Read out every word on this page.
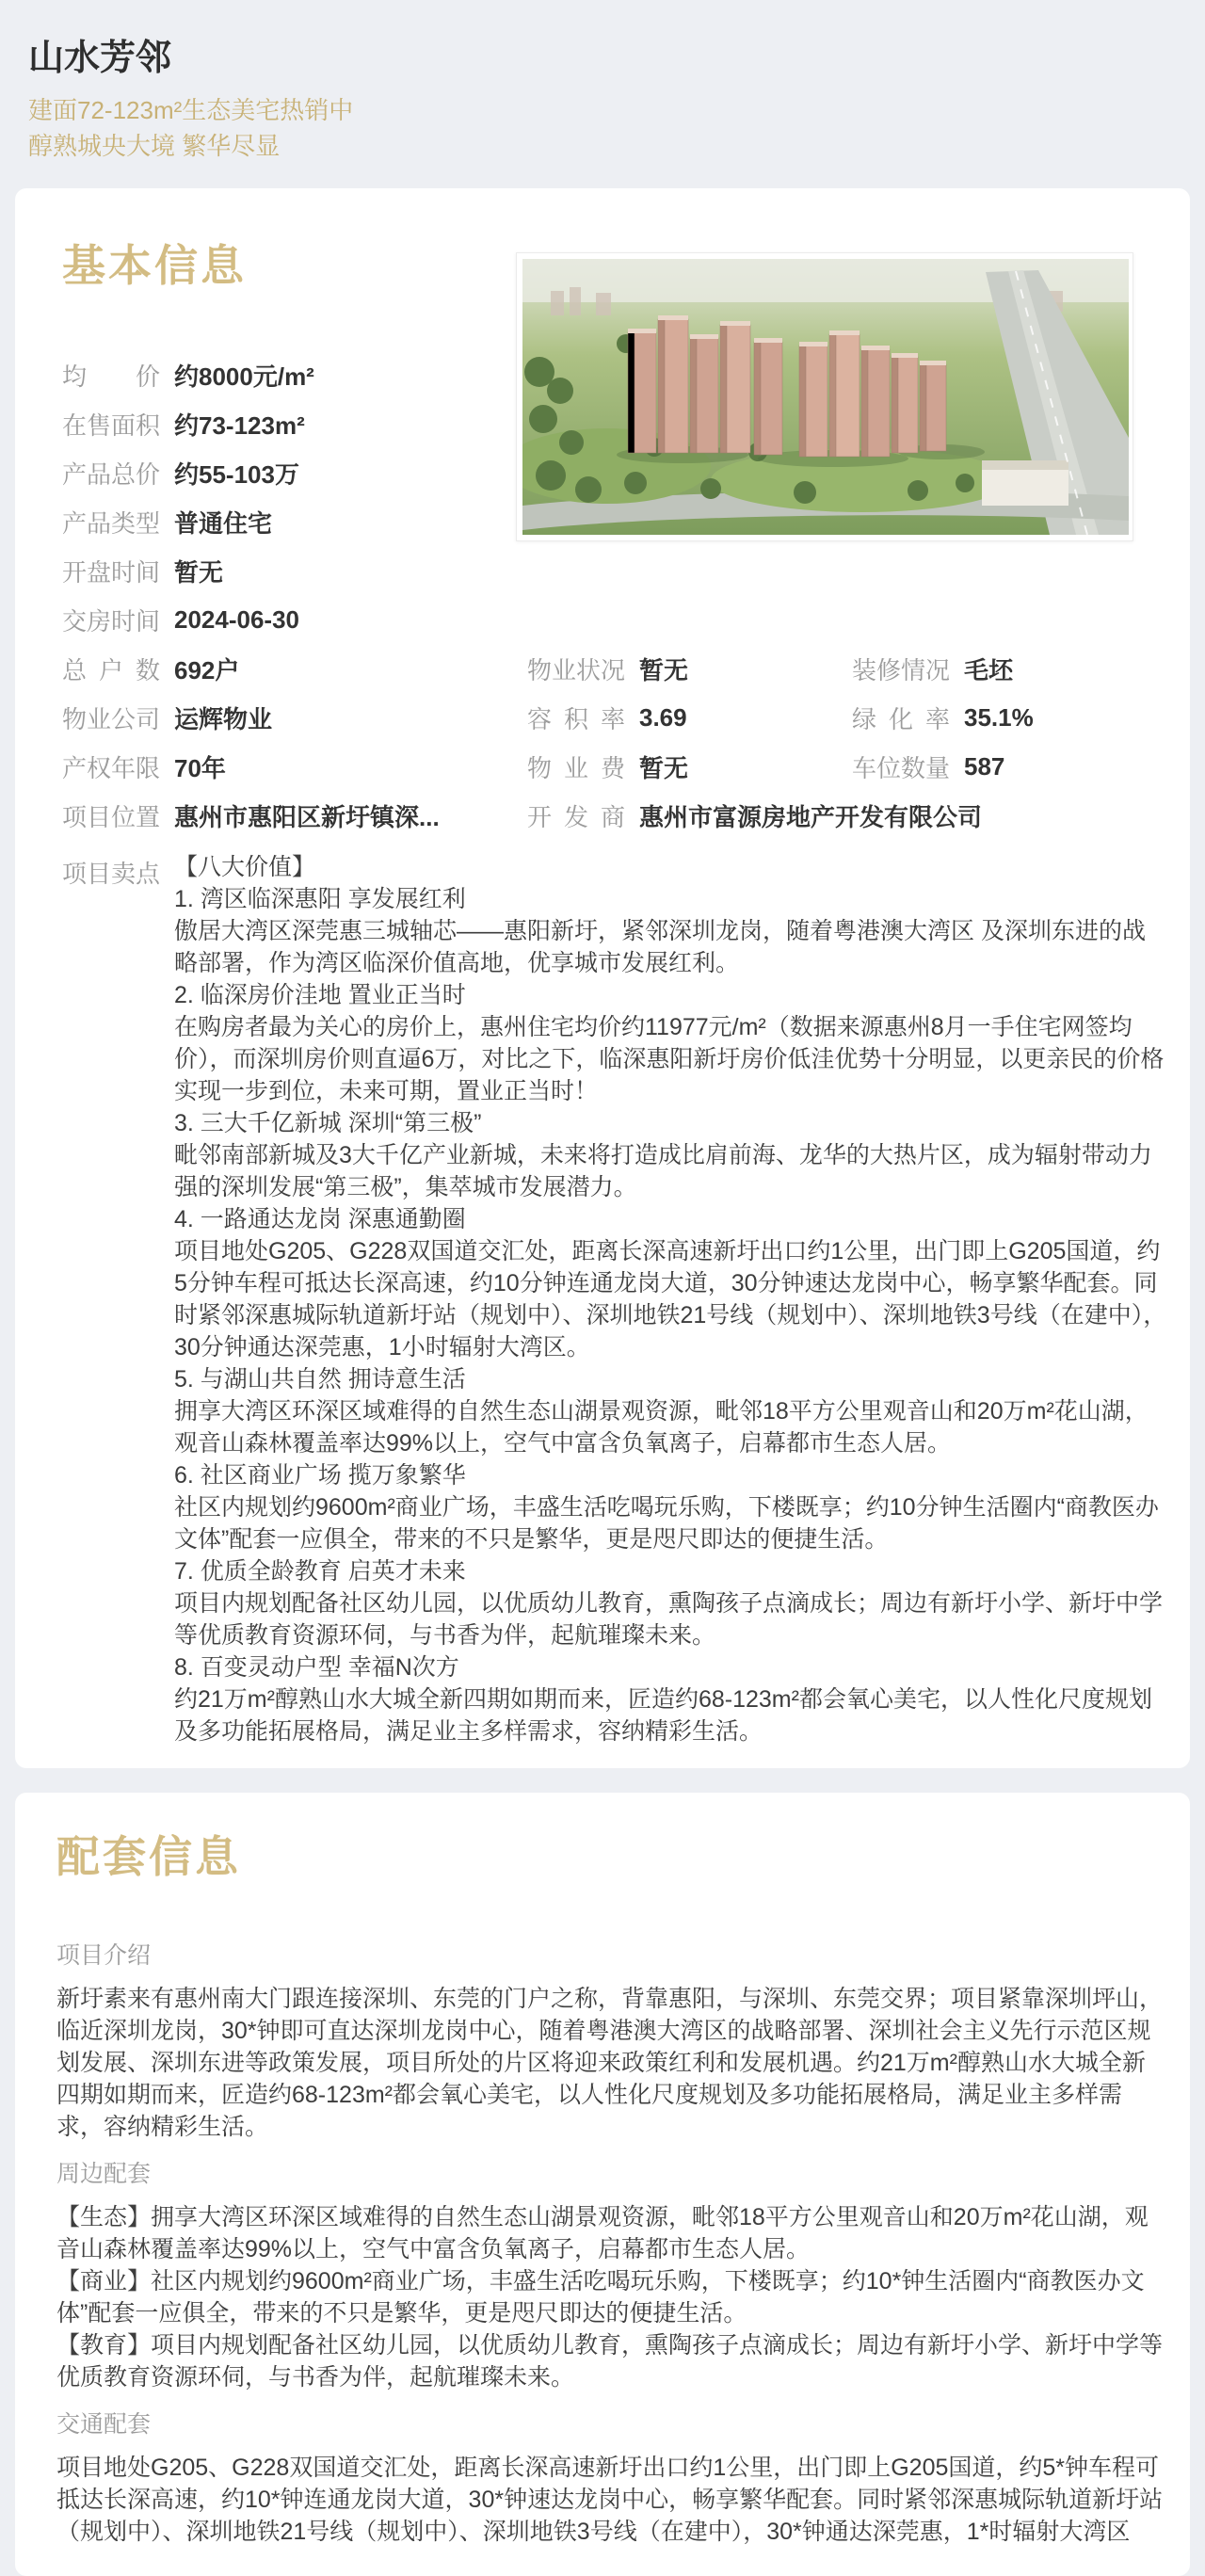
山水芳邻
建面72-123m²生态美宅热销中
醇熟城央大境 繁华尽显
基本信息
均价 约8000元/m²
在售面积 约73-123m²
产品总价 约55-103万
产品类型 普通住宅
开盘时间 暂无
交房时间 2024-06-30
总户数 692户	物业状况 暂无	装修情况 毛坯
物业公司 运辉物业	容积率 3.69	绿化率 35.1%
产权年限 70年	物业费 暂无	车位数量 587
项目位置 惠州市惠阳区新圩镇深...	开发商 惠州市富源房地产开发有限公司
项目卖点 【八大价值】
1. 湾区临深惠阳 享发展红利
傲居大湾区深莞惠三城轴芯——惠阳新圩，紧邻深圳龙岗，随着粤港澳大湾区 及深圳东进的战略部署，作为湾区临深价值高地，优享城市发展红利。
2. 临深房价洼地 置业正当时
在购房者最为关心的房价上，惠州住宅均价约11977元/m²（数据来源惠州8月一手住宅网签均价），而深圳房价则直逼6万，对比之下，临深惠阳新圩房价低洼优势十分明显，以更亲民的价格实现一步到位，未来可期，置业正当时！
3. 三大千亿新城 深圳“第三极”
毗邻南部新城及3大千亿产业新城，未来将打造成比肩前海、龙华的大热片区，成为辐射带动力强的深圳发展“第三极”，集萃城市发展潜力。
4. 一路通达龙岗 深惠通勤圈
项目地处G205、G228双国道交汇处，距离长深高速新圩出口约1公里，出门即上G205国道，约5分钟车程可抵达长深高速，约10分钟连通龙岗大道，30分钟速达龙岗中心，畅享繁华配套。同时紧邻深惠城际轨道新圩站（规划中）、深圳地铁21号线（规划中）、深圳地铁3号线（在建中），30分钟通达深莞惠，1小时辐射大湾区。
5. 与湖山共自然 拥诗意生活
拥享大湾区环深区域难得的自然生态山湖景观资源，毗邻18平方公里观音山和20万m²花山湖，观音山森林覆盖率达99%以上，空气中富含负氧离子，启幕都市生态人居。
6. 社区商业广场 揽万象繁华
社区内规划约9600m²商业广场，丰盛生活吃喝玩乐购，下楼既享；约10分钟生活圈内“商教医办文体”配套一应俱全，带来的不只是繁华，更是咫尺即达的便捷生活。
7. 优质全龄教育 启英才未来
项目内规划配备社区幼儿园，以优质幼儿教育，熏陶孩子点滴成长；周边有新圩小学、新圩中学等优质教育资源环伺，与书香为伴，起航璀璨未来。
8. 百变灵动户型 幸福N次方
约21万m²醇熟山水大城全新四期如期而来，匠造约68-123m²都会氧心美宅，以人性化尺度规划及多功能拓展格局，满足业主多样需求，容纳精彩生活。
配套信息
项目介绍

新圩素来有惠州南大门跟连接深圳、东莞的门户之称，背靠惠阳，与深圳、东莞交界；项目紧靠深圳坪山，临近深圳龙岗，30*钟即可直达深圳龙岗中心，随着粤港澳大湾区的战略部署、深圳社会主义先行示范区规划发展、深圳东进等政策发展，项目所处的片区将迎来政策红利和发展机遇。约21万m²醇熟山水大城全新四期如期而来，匠造约68-123m²都会氧心美宅，以人性化尺度规划及多功能拓展格局，满足业主多样需求，容纳精彩生活。

周边配套

【生态】拥享大湾区环深区域难得的自然生态山湖景观资源，毗邻18平方公里观音山和20万m²花山湖，观音山森林覆盖率达99%以上，空气中富含负氧离子，启幕都市生态人居。

【商业】社区内规划约9600m²商业广场，丰盛生活吃喝玩乐购，下楼既享；约10*钟生活圈内“商教医办文体”配套一应俱全，带来的不只是繁华，更是咫尺即达的便捷生活。

【教育】项目内规划配备社区幼儿园，以优质幼儿教育，熏陶孩子点滴成长；周边有新圩小学、新圩中学等优质教育资源环伺，与书香为伴，起航璀璨未来。

交通配套

项目地处G205、G228双国道交汇处，距离长深高速新圩出口约1公里，出门即上G205国道，约5*钟车程可抵达长深高速，约10*钟连通龙岗大道，30*钟速达龙岗中心，畅享繁华配套。同时紧邻深惠城际轨道新圩站（规划中）、深圳地铁21号线（规划中）、深圳地铁3号线（在建中），30*钟通达深莞惠，1*时辐射大湾区
